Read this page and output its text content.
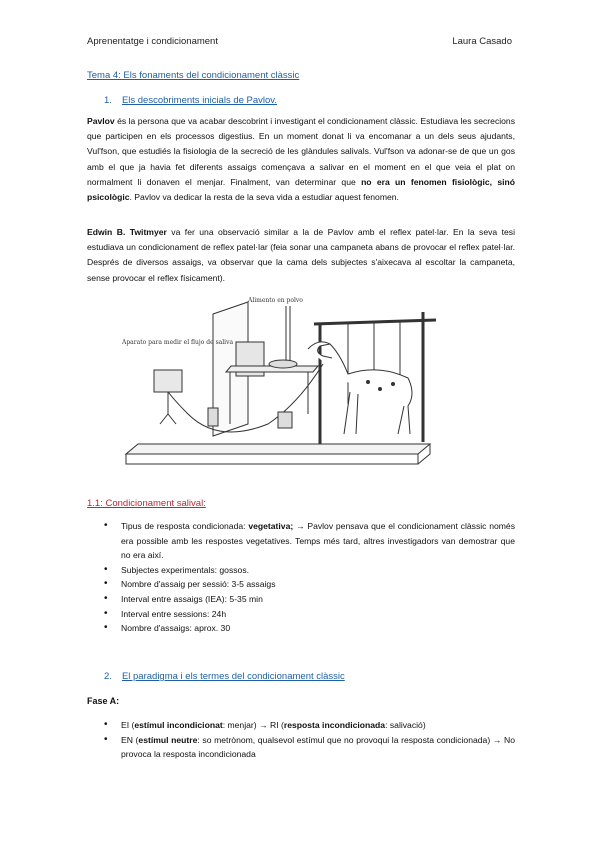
Aprenentatge i condicionament	Laura Casado
Tema 4: Els fonaments del condicionament clàssic
1. Els descobriments inicials de Pavlov.

Pavlov és la persona que va acabar descobrint i investigant el condicionament clàssic. Estudiava les secrecions que participen en els processos digestius. En un moment donat li va encomanar a un dels seus ajudants, Vul'fson, que estudiés la fisiologia de la secreció de les glàndules salivals. Vul'fson va adonar-se de que un gos amb el que ja havia fet diferents assaigs començava a salivar en el moment en el que veia el plat on normalment li donaven el menjar. Finalment, van determinar que no era un fenomen fisiològic, sinó psicològic. Pavlov va dedicar la resta de la seva vida a estudiar aquest fenomen.

Edwin B. Twitmyer va fer una observació similar a la de Pavlov amb el reflex patel·lar. En la seva tesi estudiava un condicionament de reflex patel·lar (feia sonar una campaneta abans de provocar el reflex patel·lar. Després de diversos assaigs, va observar que la cama dels subjectes s'aixecava al escoltar la campaneta, sense provocar el reflex físicament).

Alimento en polvo
Aparato para medir el flujo de saliva
1.1: Condicionament salival:
• Tipus de resposta condicionada: vegetativa; → Pavlov pensava que el condicionament clàssic només era possible amb les respostes vegetatives. Temps més tard, altres investigadors van demostrar que no era així.
• Subjectes experimentals: gossos.
• Nombre d'assaig per sessió: 3-5 assaigs
• Interval entre assaigs (IEA): 5-35 min
• Interval entre sessions: 24h
• Nombre d'assaigs: aprox. 30
2. El paradigma i els termes del condicionament clàssic
Fase A:
• EI (estímul incondicionat: menjar) → RI (resposta incondicionada: salivació)
• EN (estímul neutre: so metrònom, qualsevol estímul que no provoqui la resposta condicionada) → No provoca la resposta incondicionada
